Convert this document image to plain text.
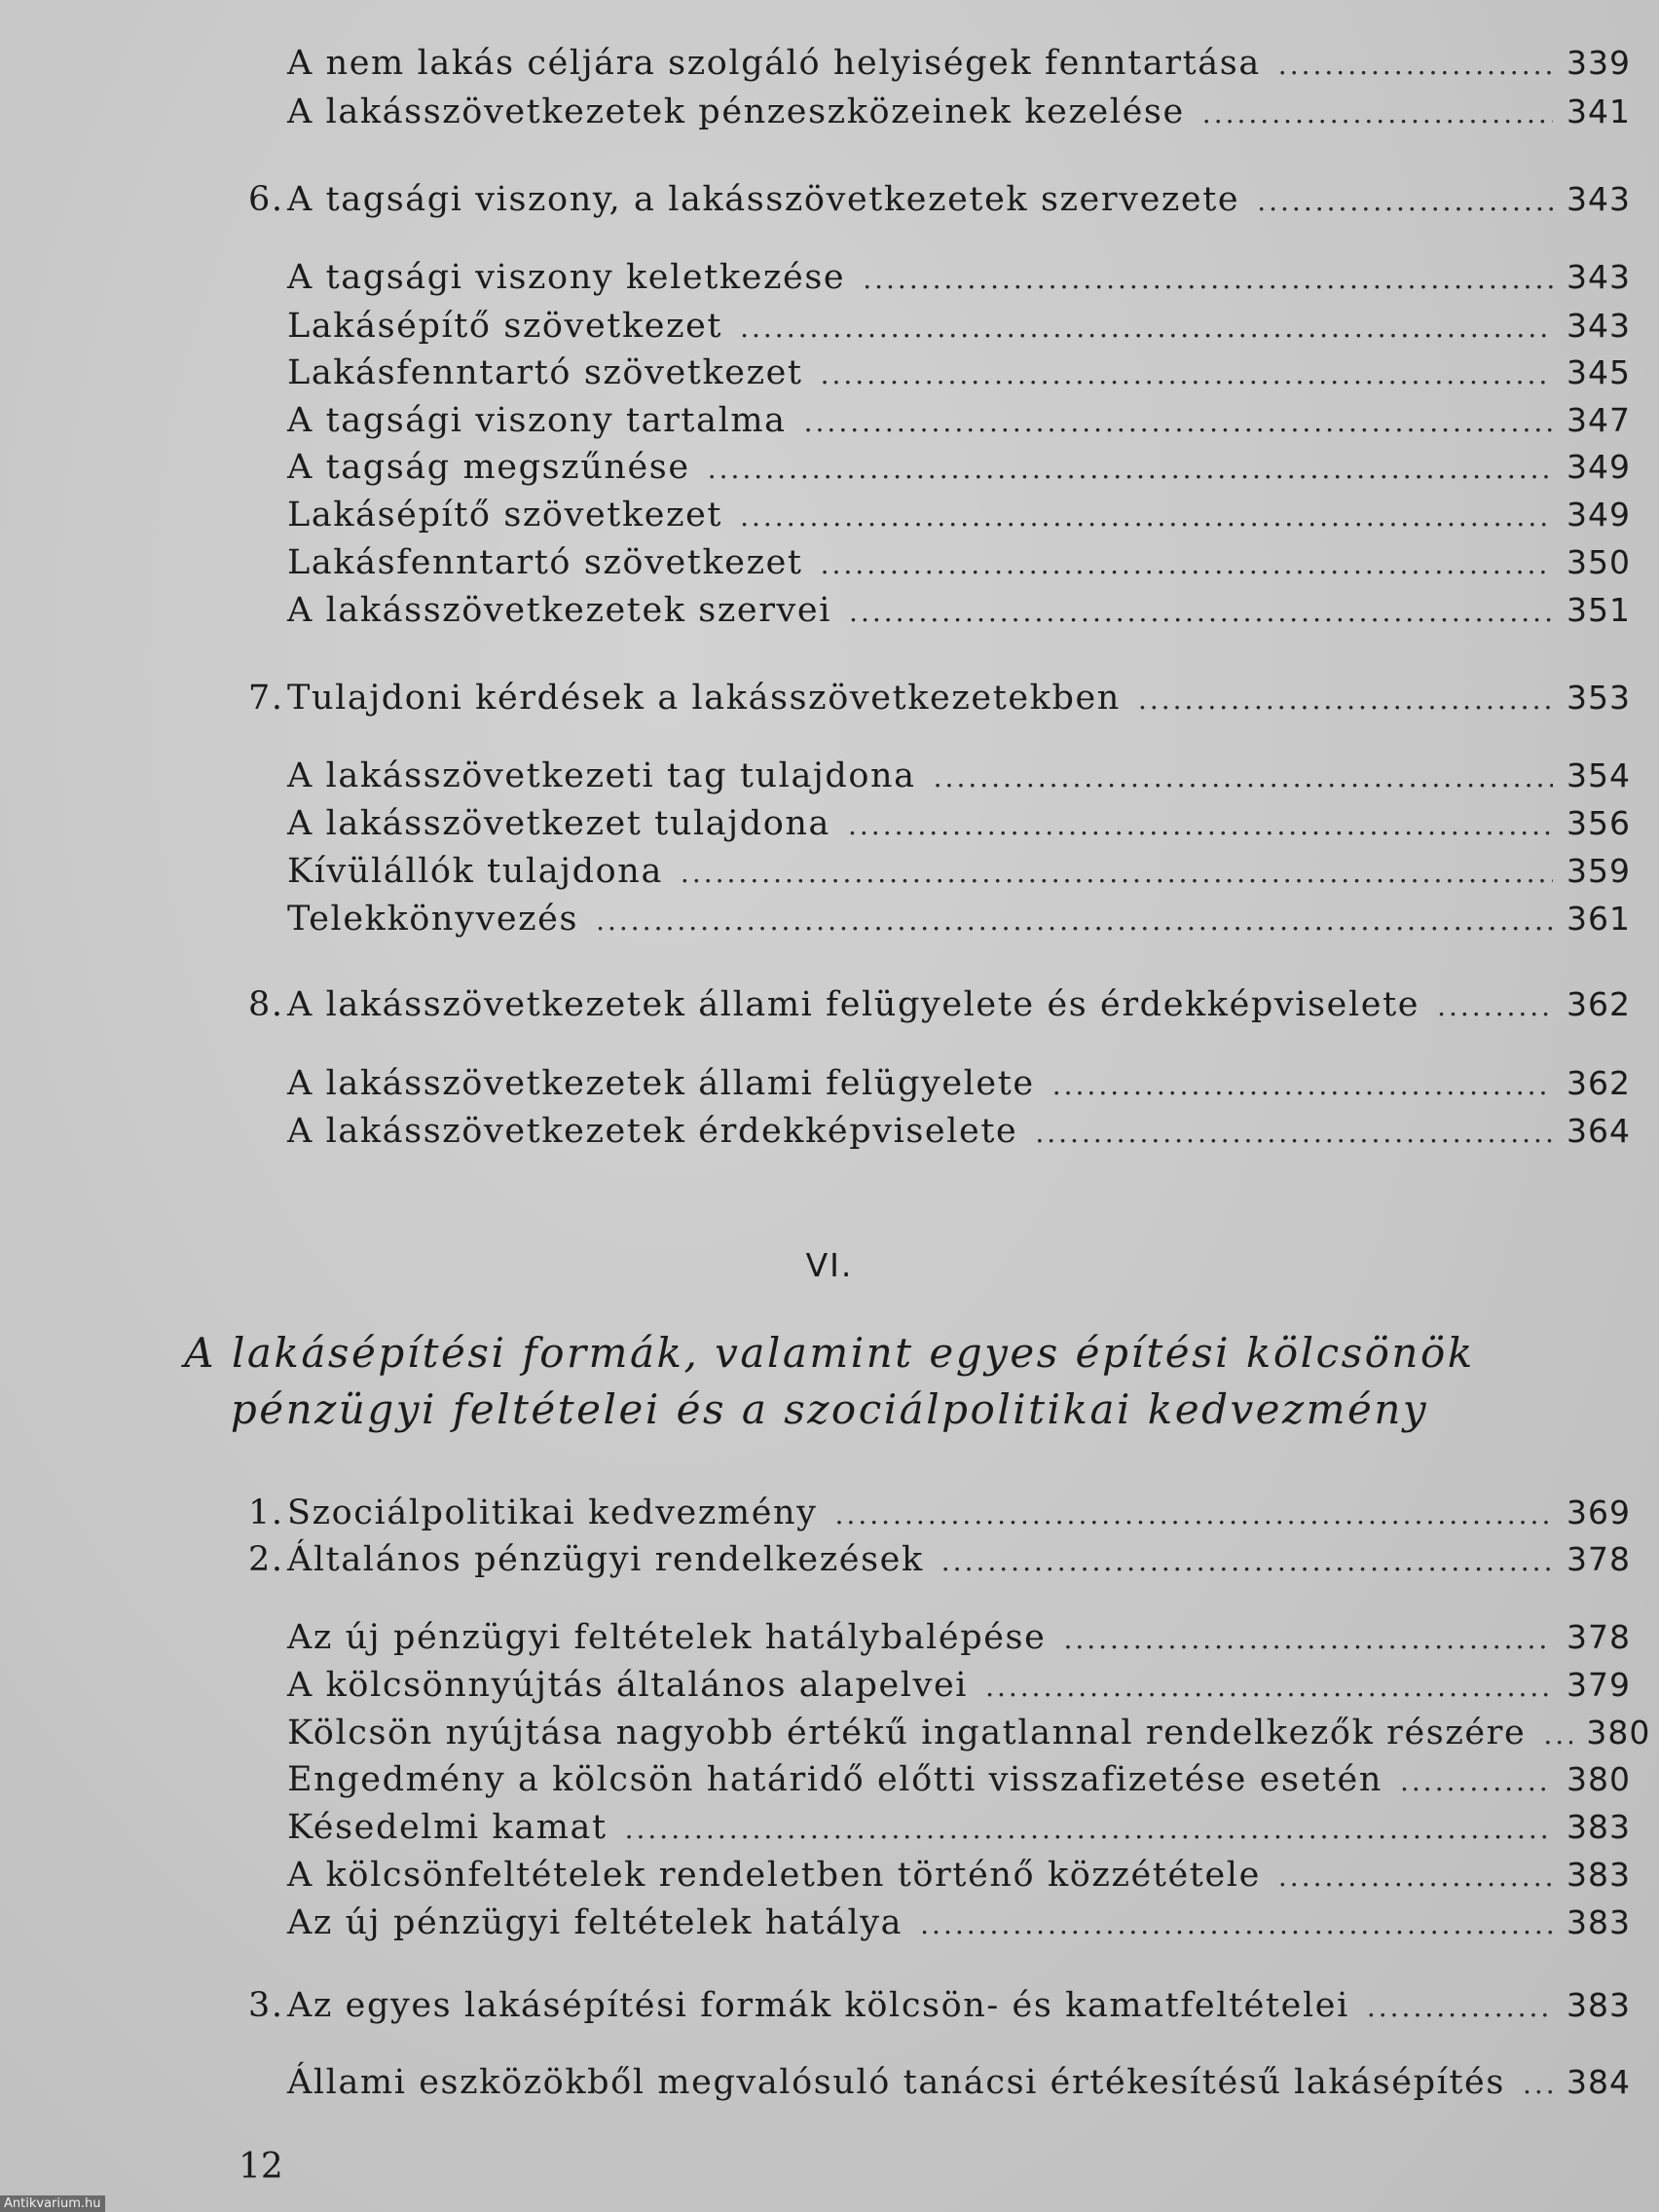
A nem lakás céljára szolgáló helyiségek fenntartása .....	339
A lakásszövetkezetek pénzeszközeinek kezelése .....	341
6. A tagsági viszony, a lakásszövetkezetek szervezete .....	343
A tagsági viszony keletkezése .....	343
Lakásépítő szövetkezet .....	343
Lakásfenntartó szövetkezet .....	345
A tagsági viszony tartalma .....	347
A tagság megszűnése .....	349
Lakásépítő szövetkezet .....	349
Lakásfenntartó szövetkezet .....	350
A lakásszövetkezetek szervei .....	351
7. Tulajdoni kérdések a lakásszövetkezetekben .....	353
A lakásszövetkezeti tag tulajdona .....	354
A lakásszövetkezet tulajdona .....	356
Kívülállók tulajdona .....	359
Telekkönyvezés .....	361
8. A lakásszövetkezetek állami felügyelete és érdekképviselete .....	362
A lakásszövetkezetek állami felügyelete .....	362
A lakásszövetkezetek érdekképviselete .....	364
VI.
A lakásépítési formák, valamint egyes építési kölcsönök
pénzügyi feltételei és a szociálpolitikai kedvezmény
1. Szociálpolitikai kedvezmény .....	369
2. Általános pénzügyi rendelkezések .....	378
Az új pénzügyi feltételek hatálybalépése .....	378
A kölcsönnyújtás általános alapelvei .....	379
Kölcsön nyújtása nagyobb értékű ingatlannal rendelkezők részére ..... 380
Engedmény a kölcsön határidő előtti visszafizetése esetén .....	380
Késedelmi kamat .....	383
A kölcsönfeltételek rendeletben történő közzététele .....	383
Az új pénzügyi feltételek hatálya .....	383
3. Az egyes lakásépítési formák kölcsön- és kamatfeltételei .....	383
Állami eszközökből megvalósuló tanácsi értékesítésű lakásépítés ..... 384
12
Antikvarium.hu
